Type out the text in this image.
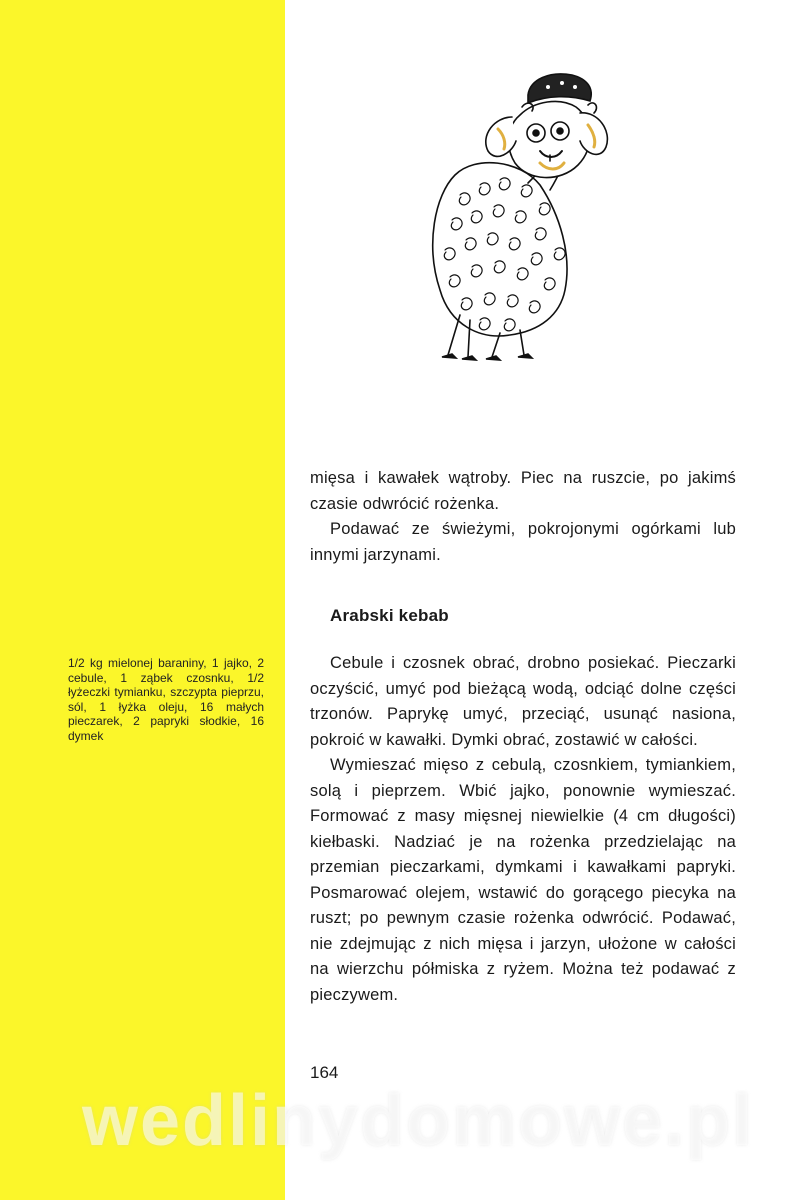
1/2 kg mielonej baraniny, 1 jajko, 2 cebule, 1 ząbek czosnku, 1/2 łyżeczki tymianku, szczypta pieprzu, sól, 1 łyżka oleju, 16 małych pieczarek, 2 papryki słodkie, 16 dymek

mięsa i kawałek wątroby. Piec na ruszcie, po jakimś czasie odwrócić rożenka.

Podawać ze świeżymi, pokrojonymi ogórkami lub innymi jarzynami.

Arabski kebab

Cebule i czosnek obrać, drobno posiekać. Pieczarki oczyścić, umyć pod bieżącą wodą, odciąć dolne części trzonów. Paprykę umyć, przeciąć, usunąć nasiona, pokroić w kawałki. Dymki obrać, zostawić w całości.

Wymieszać mięso z cebulą, czosnkiem, tymiankiem, solą i pieprzem. Wbić jajko, ponownie wymieszać. Formować z masy mięsnej niewielkie (4 cm długości) kiełbaski. Nadziać je na rożenka przedzielając na przemian pieczarkami, dymkami i kawałkami papryki. Posmarować olejem, wstawić do gorącego piecyka na ruszt; po pewnym czasie rożenka odwrócić. Podawać, nie zdejmując z nich mięsa i jarzyn, ułożone w całości na wierzchu półmiska z ryżem. Można też podawać z pieczywem.

164
wedlinydomowe.pl
